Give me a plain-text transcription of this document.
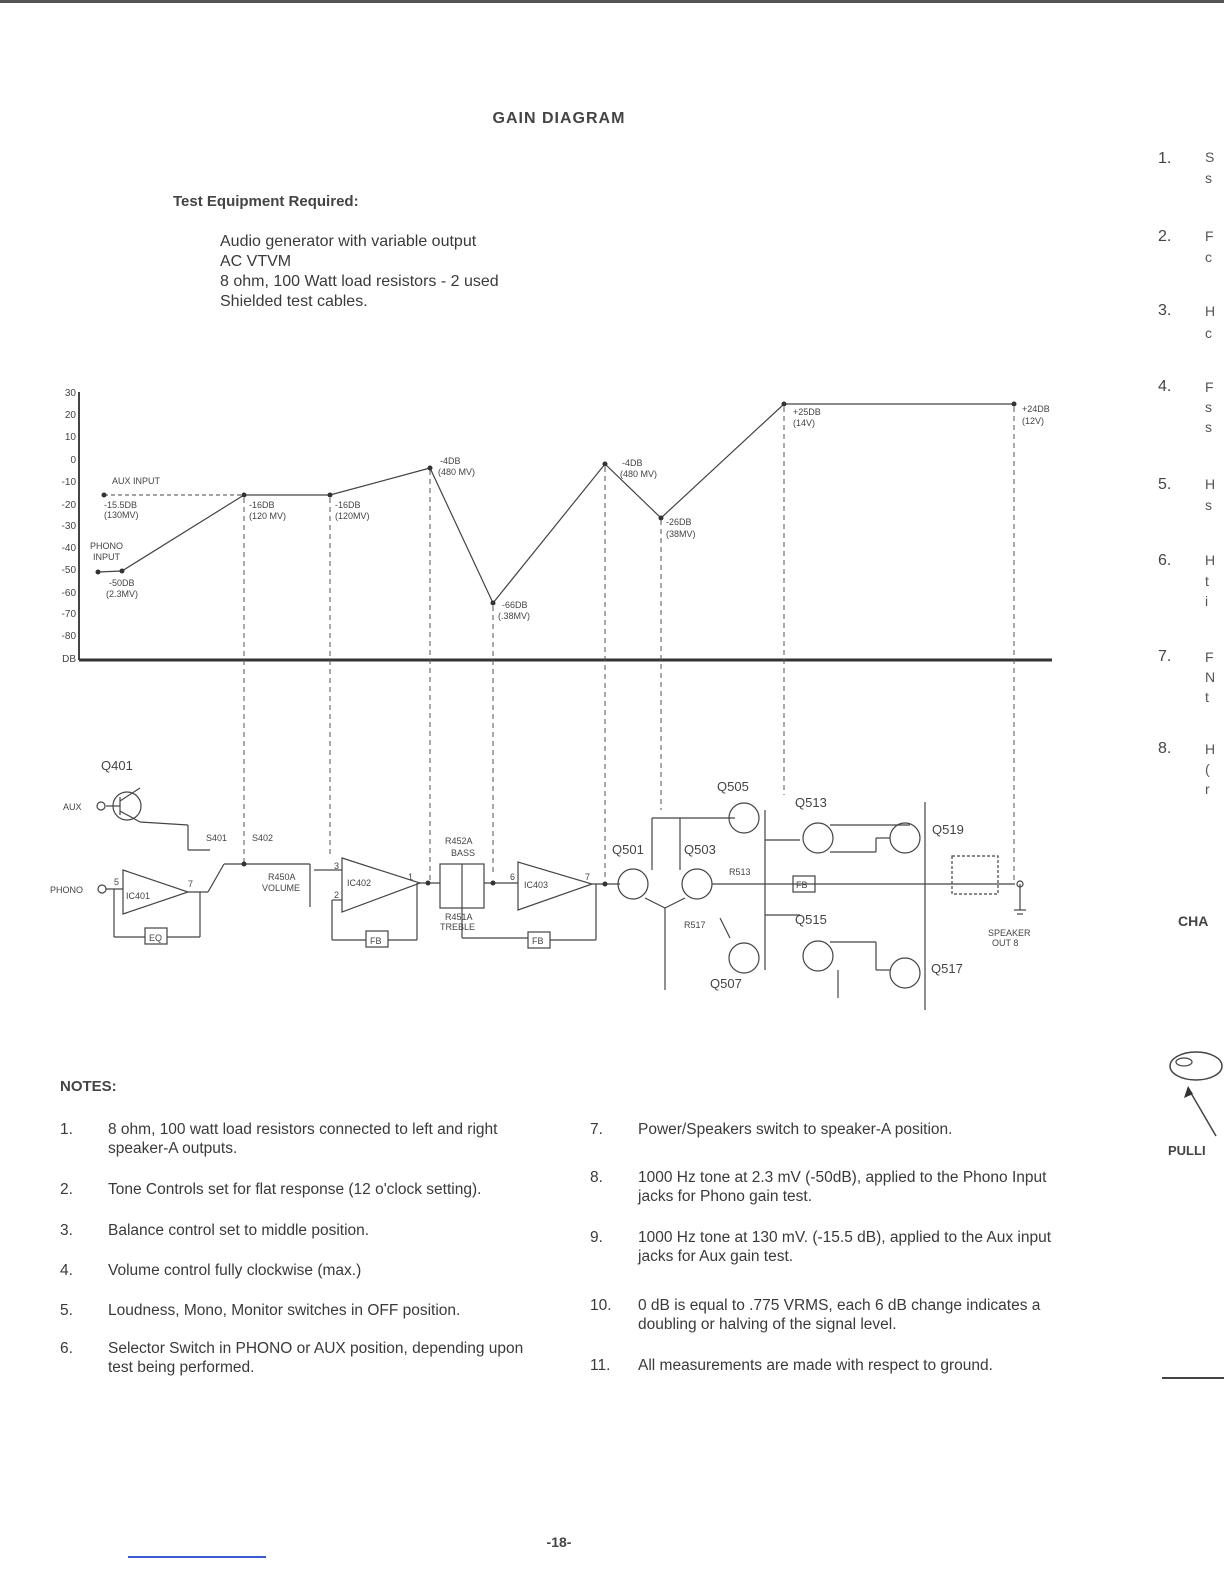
GAIN DIAGRAM
Test Equipment Required:
Audio generator with variable output
AC VTVM
8 ohm, 100 Watt load resistors - 2 used
Shielded test cables.
30
20
10
0
-10
-20
-30
-40
-50
-60
-70
-80
DB
AUX INPUT
-15.5DB
(130MV)
PHONO
INPUT
-50DB
(2.3MV)
-16DB
(120 MV)
-16DB
(120MV)
-4DB
(480 MV)
-66DB
(.38MV)
-4DB
(480 MV)
-26DB
(38MV)
+25DB
(14V)
+24DB
(12V)
Q401
AUX
PHONO
5
IC401
7
EQ
S401	S402
R450A
VOLUME
3
2
IC402
1
FB
R452A
BASS
R451A
TREBLE
6
IC403
7
FB
Q501	Q503
Q505
Q507
Q513
Q515
Q519
Q517
R513
R517
FB
SPEAKER
OUT 8
NOTES:
1. 8 ohm, 100 watt load resistors connected to left and right speaker-A outputs.
2. Tone Controls set for flat response (12 o'clock setting).
3. Balance control set to middle position.
4. Volume control fully clockwise (max.)
5. Loudness, Mono, Monitor switches in OFF position.
6. Selector Switch in PHONO or AUX position, depending upon test being performed.
7. Power/Speakers switch to speaker-A position.
8. 1000 Hz tone at 2.3 mV (-50dB), applied to the Phono Input jacks for Phono gain test.
9. 1000 Hz tone at 130 mV. (-15.5 dB), applied to the Aux input jacks for Aux gain test.
10. 0 dB is equal to .775 VRMS, each 6 dB change indicates a doubling or halving of the signal level.
11. All measurements are made with respect to ground.
-18-
1.
2.
3.
4.
5.
6.
7.
8.
S
s
F
c
H
c
F
s
s
H
s
H
t
i
F
N
t
H
(
r
CHA
PULLI
